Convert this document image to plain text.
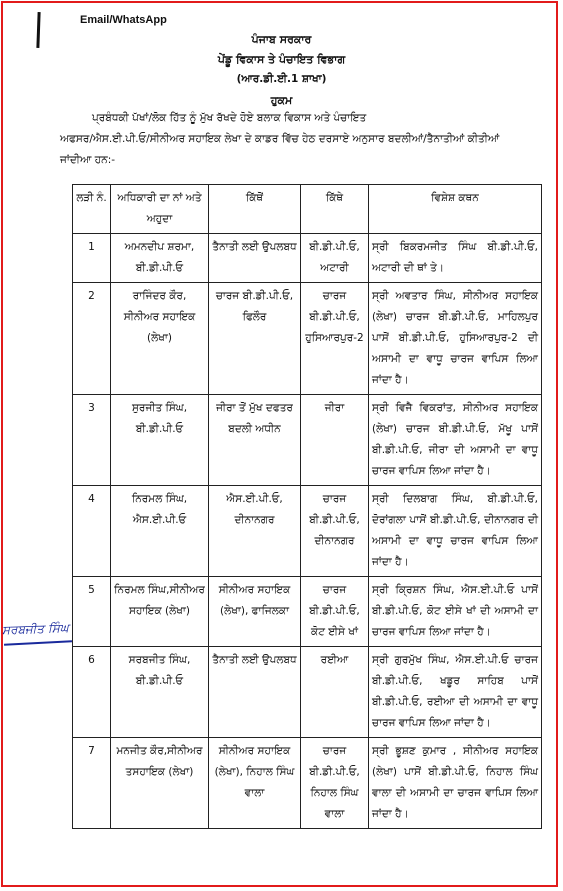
Email/WhatsApp
ਪੰਜਾਬ ਸਰਕਾਰ
ਪੇਂਡੂ ਵਿਕਾਸ ਤੇ ਪੰਚਾਇਤ ਵਿਭਾਗ
(ਆਰ.ਡੀ.ਈ.1 ਸ਼ਾਖਾ)
ਹੁਕਮ
ਪ੍ਰਬੰਧਕੀ ਪੱਖਾਂ/ਲੋਕ ਹਿੱਤ ਨੂੰ ਮੁੱਖ ਰੱਖਦੇ ਹੋਏ ਬਲਾਕ ਵਿਕਾਸ ਅਤੇ ਪੰਚਾਇਤ
ਅਫਸਰ/ਐਸ.ਈ.ਪੀ.ਓ/ਸੀਨੀਅਰ ਸਹਾਇਕ ਲੇਖਾ ਦੇ ਕਾਡਰ ਵਿੱਚ ਹੇਠ ਦਰਸਾਏ ਅਨੁਸਾਰ ਬਦਲੀਆਂ/ਤੈਨਾਤੀਆਂ ਕੀਤੀਆਂ
ਜਾਂਦੀਆ ਹਨ:-
ਲੜੀ ਨੰ.	ਅਧਿਕਾਰੀ ਦਾ ਨਾਂ ਅਤੇ ਅਹੁਦਾ	ਕਿੱਥੋਂ	ਕਿੱਥੇ	ਵਿਸ਼ੇਸ਼ ਕਥਨ
1	ਅਮਨਦੀਪ ਸ਼ਰਮਾ, ਬੀ.ਡੀ.ਪੀ.ਓ	ਤੈਨਾਤੀ ਲਈ ਉਪਲਬਧ	ਬੀ.ਡੀ.ਪੀ.ਓ, ਅਟਾਰੀ	ਸ੍ਰੀ ਬਿਕਰਮਜੀਤ ਸਿੰਘ ਬੀ.ਡੀ.ਪੀ.ਓ, ਅਟਾਰੀ ਦੀ ਥਾਂ ਤੇ।
2	ਰਾਜਿੰਦਰ ਕੌਰ, ਸੀਨੀਅਰ ਸਹਾਇਕ (ਲੇਖਾ)	ਚਾਰਜ ਬੀ.ਡੀ.ਪੀ.ਓ, ਫਿਲੌਰ	ਚਾਰਜ ਬੀ.ਡੀ.ਪੀ.ਓ, ਹੁਸਿਆਰਪੁਰ-2	ਸ੍ਰੀ ਅਵਤਾਰ ਸਿੰਘ, ਸੀਨੀਅਰ ਸਹਾਇਕ (ਲੇਖਾ) ਚਾਰਜ ਬੀ.ਡੀ.ਪੀ.ਓ, ਮਾਹਿਲਪੁਰ ਪਾਸੋਂ ਬੀ.ਡੀ.ਪੀ.ਓ, ਹੁਸਿਆਰਪੁਰ-2 ਦੀ ਅਸਾਮੀ ਦਾ ਵਾਧੂ ਚਾਰਜ ਵਾਪਿਸ ਲਿਆ ਜਾਂਦਾ ਹੈ।
3	ਸੁਰਜੀਤ ਸਿੰਘ, ਬੀ.ਡੀ.ਪੀ.ਓ	ਜੀਰਾ ਤੋਂ ਮੁੱਖ ਦਫਤਰ ਬਦਲੀ ਅਧੀਨ	ਜੀਰਾ	ਸ੍ਰੀ ਵਿਜੈ ਵਿਕਰਾਂਤ, ਸੀਨੀਅਰ ਸਹਾਇਕ (ਲੇਖਾ) ਚਾਰਜ ਬੀ.ਡੀ.ਪੀ.ਓ, ਮੱਖੂ ਪਾਸੋਂ ਬੀ.ਡੀ.ਪੀ.ਓ, ਜੀਰਾ ਦੀ ਅਸਾਮੀ ਦਾ ਵਾਧੂ ਚਾਰਜ ਵਾਪਿਸ ਲਿਆ ਜਾਂਦਾ ਹੈ।
4	ਨਿਰਮਲ ਸਿੰਘ, ਐਸ.ਈ.ਪੀ.ਓ	ਐਸ.ਈ.ਪੀ.ਓ, ਦੀਨਾਨਗਰ	ਚਾਰਜ ਬੀ.ਡੀ.ਪੀ.ਓ, ਦੀਨਾਨਗਰ	ਸ੍ਰੀ ਦਿਲਬਾਗ ਸਿੰਘ, ਬੀ.ਡੀ.ਪੀ.ਓ, ਦੋਰਾਂਗਲਾ ਪਾਸੋਂ ਬੀ.ਡੀ.ਪੀ.ਓ, ਦੀਨਾਨਗਰ ਦੀ ਅਸਾਮੀ ਦਾ ਵਾਧੂ ਚਾਰਜ ਵਾਪਿਸ ਲਿਆ ਜਾਂਦਾ ਹੈ।
5	ਨਿਰਮਲ ਸਿੰਘ,ਸੀਨੀਅਰ ਸਹਾਇਕ (ਲੇਖਾ)	ਸੀਨੀਅਰ ਸਹਾਇਕ (ਲੇਖਾ), ਫਾਜਿਲਕਾ	ਚਾਰਜ ਬੀ.ਡੀ.ਪੀ.ਓ, ਕੋਟ ਈਸੇ ਖਾਂ	ਸ੍ਰੀ ਕ੍ਰਿਸ਼ਨ ਸਿੰਘ, ਐਸ.ਈ.ਪੀ.ਓ ਪਾਸੋਂ ਬੀ.ਡੀ.ਪੀ.ਓ, ਕੋਟ ਈਸੇ ਖਾਂ ਦੀ ਅਸਾਮੀ ਦਾ ਚਾਰਜ ਵਾਪਿਸ ਲਿਆ ਜਾਂਦਾ ਹੈ।
6	ਸਰਬਜੀਤ ਸਿੰਘ, ਬੀ.ਡੀ.ਪੀ.ਓ	ਤੈਨਾਤੀ ਲਈ ਉਪਲਬਧ	ਰਈਆ	ਸ੍ਰੀ ਗੁਰਮੁੱਖ ਸਿੰਘ, ਐਸ.ਈ.ਪੀ.ਓ ਚਾਰਜ ਬੀ.ਡੀ.ਪੀ.ਓ, ਖਡੂਰ ਸਾਹਿਬ ਪਾਸੋਂ ਬੀ.ਡੀ.ਪੀ.ਓ, ਰਈਆ ਦੀ ਅਸਾਮੀ ਦਾ ਵਾਧੂ ਚਾਰਜ ਵਾਪਿਸ ਲਿਆ ਜਾਂਦਾ ਹੈ।
7	ਮਨਜੀਤ ਕੌਰ,ਸੀਨੀਅਰ ਤਸਹਾਇਕ (ਲੇਖਾ)	ਸੀਨੀਅਰ ਸਹਾਇਕ (ਲੇਖਾ), ਨਿਹਾਲ ਸਿੰਘ ਵਾਲਾ	ਚਾਰਜ ਬੀ.ਡੀ.ਪੀ.ਓ, ਨਿਹਾਲ ਸਿੰਘ ਵਾਲਾ	ਸ੍ਰੀ ਭੂਸ਼ਣ ਕੁਮਾਰ , ਸੀਨੀਅਰ ਸਹਾਇਕ (ਲੇਖਾ) ਪਾਸੋਂ ਬੀ.ਡੀ.ਪੀ.ਓ, ਨਿਹਾਲ ਸਿੰਘ ਵਾਲਾ ਦੀ ਅਸਾਮੀ ਦਾ ਚਾਰਜ ਵਾਪਿਸ ਲਿਆ ਜਾਂਦਾ ਹੈ।
ਸਰਬਜੀਤ ਸਿੰਘ
